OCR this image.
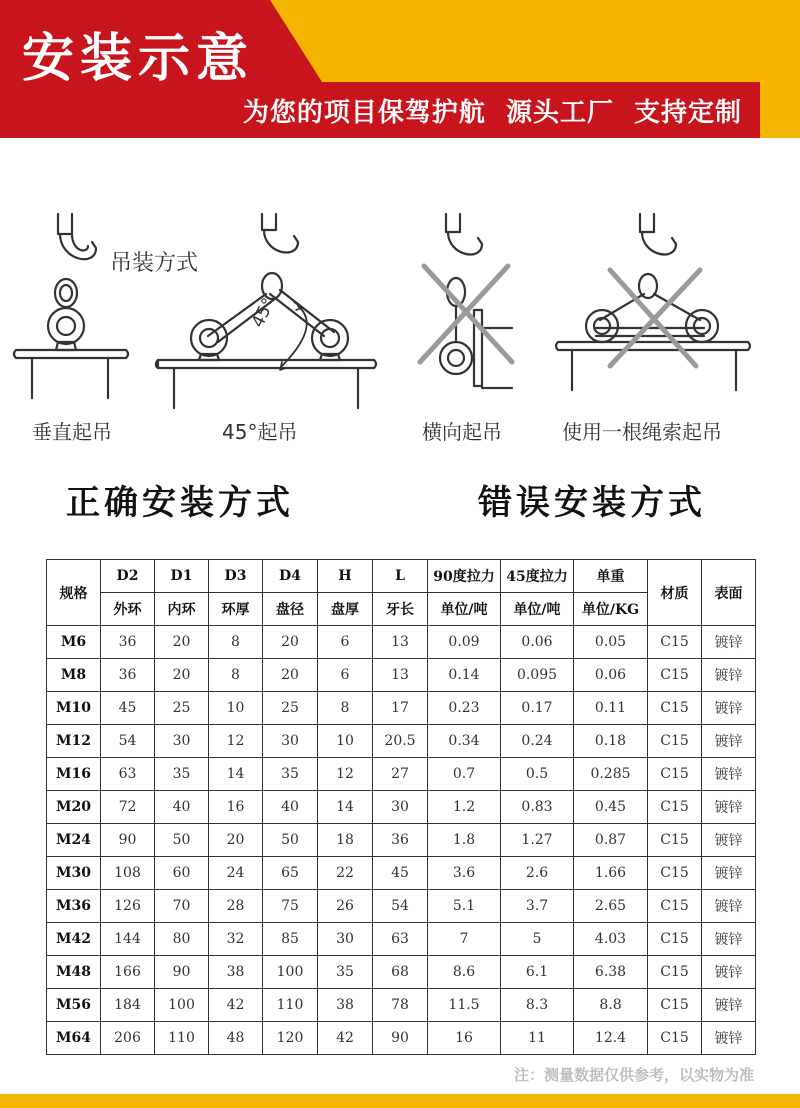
安装示意
为您的项目保驾护航 源头工厂 支持定制
吊装方式
45°
垂直起吊	45°起吊	横向起吊	使用一根绳索起吊
正确安装方式	错误安装方式
规格	D2	D1	D3	D4	H	L	90度拉力	45度拉力	单重	材质	表面
	外环	内环	环厚	盘径	盘厚	牙长	单位/吨	单位/吨	单位/KG		
M6	36	20	8	20	6	13	0.09	0.06	0.05	C15	镀锌
M8	36	20	8	20	6	13	0.14	0.095	0.06	C15	镀锌
M10	45	25	10	25	8	17	0.23	0.17	0.11	C15	镀锌
M12	54	30	12	30	10	20.5	0.34	0.24	0.18	C15	镀锌
M16	63	35	14	35	12	27	0.7	0.5	0.285	C15	镀锌
M20	72	40	16	40	14	30	1.2	0.83	0.45	C15	镀锌
M24	90	50	20	50	18	36	1.8	1.27	0.87	C15	镀锌
M30	108	60	24	65	22	45	3.6	2.6	1.66	C15	镀锌
M36	126	70	28	75	26	54	5.1	3.7	2.65	C15	镀锌
M42	144	80	32	85	30	63	7	5	4.03	C15	镀锌
M48	166	90	38	100	35	68	8.6	6.1	6.38	C15	镀锌
M56	184	100	42	110	38	78	11.5	8.3	8.8	C15	镀锌
M64	206	110	48	120	42	90	16	11	12.4	C15	镀锌
注：测量数据仅供参考，以实物为准
